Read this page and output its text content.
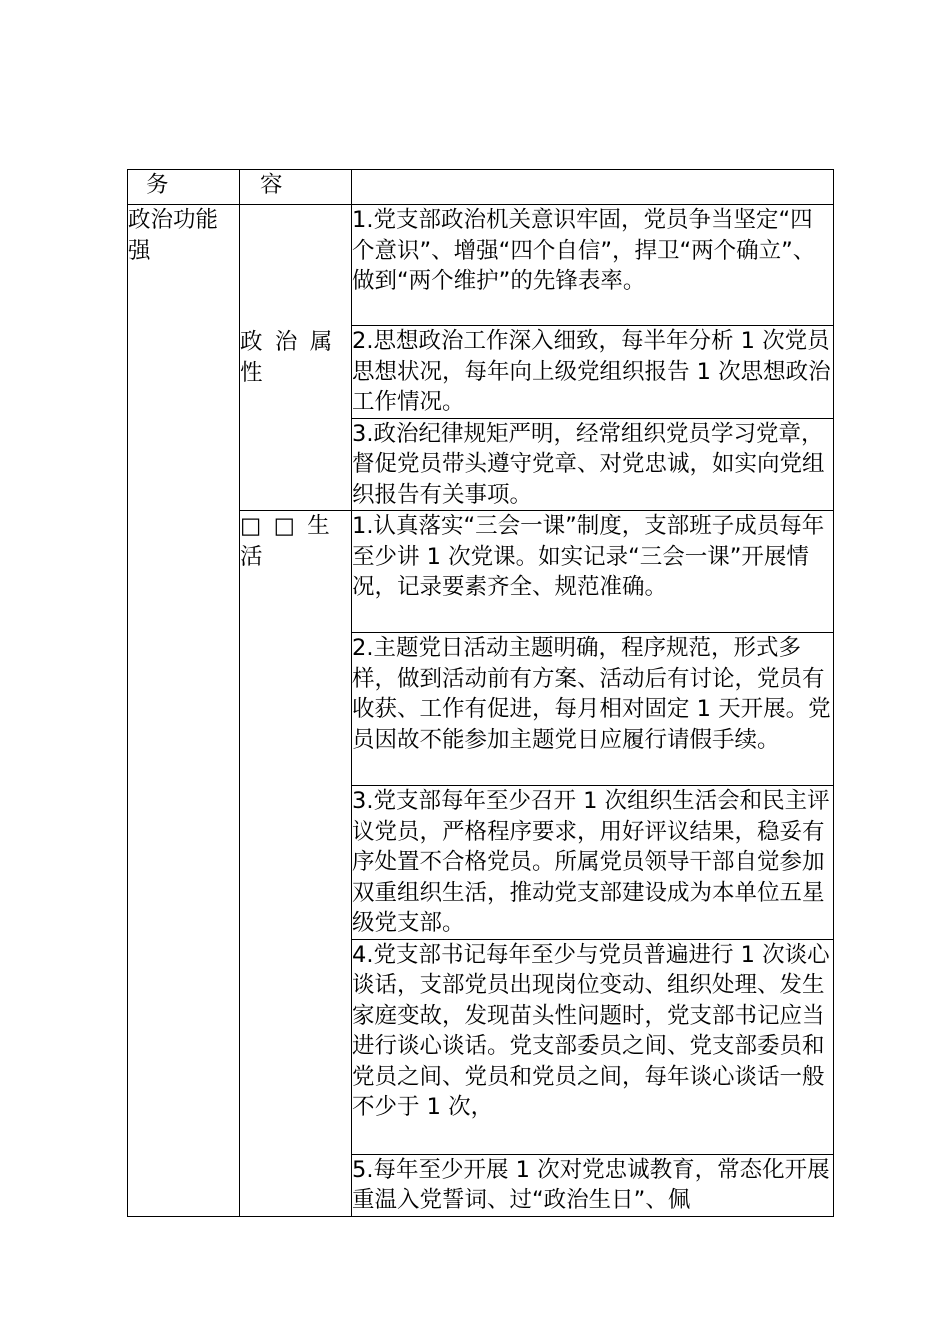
务	容	
政治功能强	政治属性	1.党支部政治机关意识牢固，党员争当坚定“四个意识”、增强“四个自信”，捍卫“两个确立”、做到“两个维护”的先锋表率。
		2.思想政治工作深入细致，每半年分析 1 次党员思想状况，每年向上级党组织报告 1 次思想政治工作情况。
		3.政治纪律规矩严明，经常组织党员学习党章，督促党员带头遵守党章、对党忠诚，如实向党组织报告有关事项。
	□□生活	1.认真落实“三会一课”制度，支部班子成员每年至少讲 1 次党课。如实记录“三会一课”开展情况，记录要素齐全、规范准确。
		2.主题党日活动主题明确，程序规范，形式多样，做到活动前有方案、活动后有讨论，党员有收获、工作有促进，每月相对固定 1 天开展。党员因故不能参加主题党日应履行请假手续。
		3.党支部每年至少召开 1 次组织生活会和民主评议党员，严格程序要求，用好评议结果，稳妥有序处置不合格党员。所属党员领导干部自觉参加双重组织生活，推动党支部建设成为本单位五星级党支部。
		4.党支部书记每年至少与党员普遍进行 1 次谈心谈话，支部党员出现岗位变动、组织处理、发生家庭变故，发现苗头性问题时，党支部书记应当进行谈心谈话。党支部委员之间、党支部委员和党员之间、党员和党员之间，每年谈心谈话一般不少于 1 次，
		5.每年至少开展 1 次对党忠诚教育，常态化开展重温入党誓词、过“政治生日”、佩
